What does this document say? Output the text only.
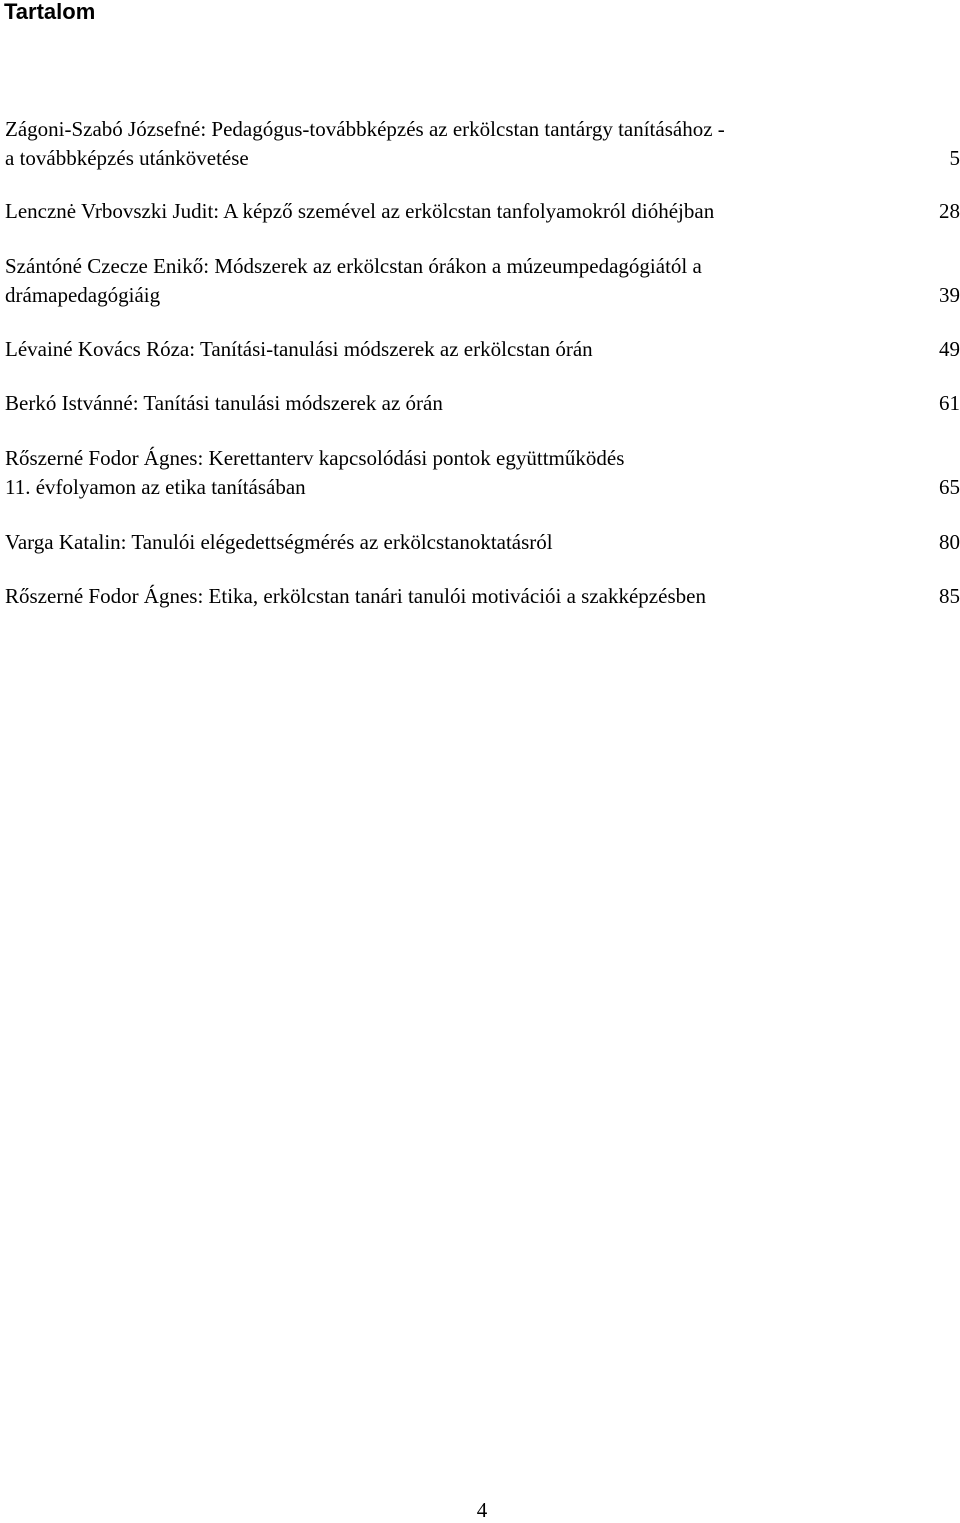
Tartalom
Zágoni-Szabó Józsefné: Pedagógus-továbbképzés az erkölcstan tantárgy tanításához -
a továbbképzés utánkövetése	5
Lencznė Vrbovszki Judit: A képző szemével az erkölcstan tanfolyamokról dióhéjban	28
Szántóné Czecze Enikő: Módszerek az erkölcstan órákon a múzeumpedagógiától a
drámapedagógiáig	39
Lévainé Kovács Róza: Tanítási-tanulási módszerek az erkölcstan órán	49
Berkó Istvánné: Tanítási tanulási módszerek az órán	61
Rőszerné Fodor Ágnes: Kerettanterv kapcsolódási pontok együttműködés
11. évfolyamon az etika tanításában	65
Varga Katalin: Tanulói elégedettségmérés az erkölcstanoktatásról	80
Rőszerné Fodor Ágnes: Etika, erkölcstan tanári tanulói motivációi a szakképzésben	85
4
